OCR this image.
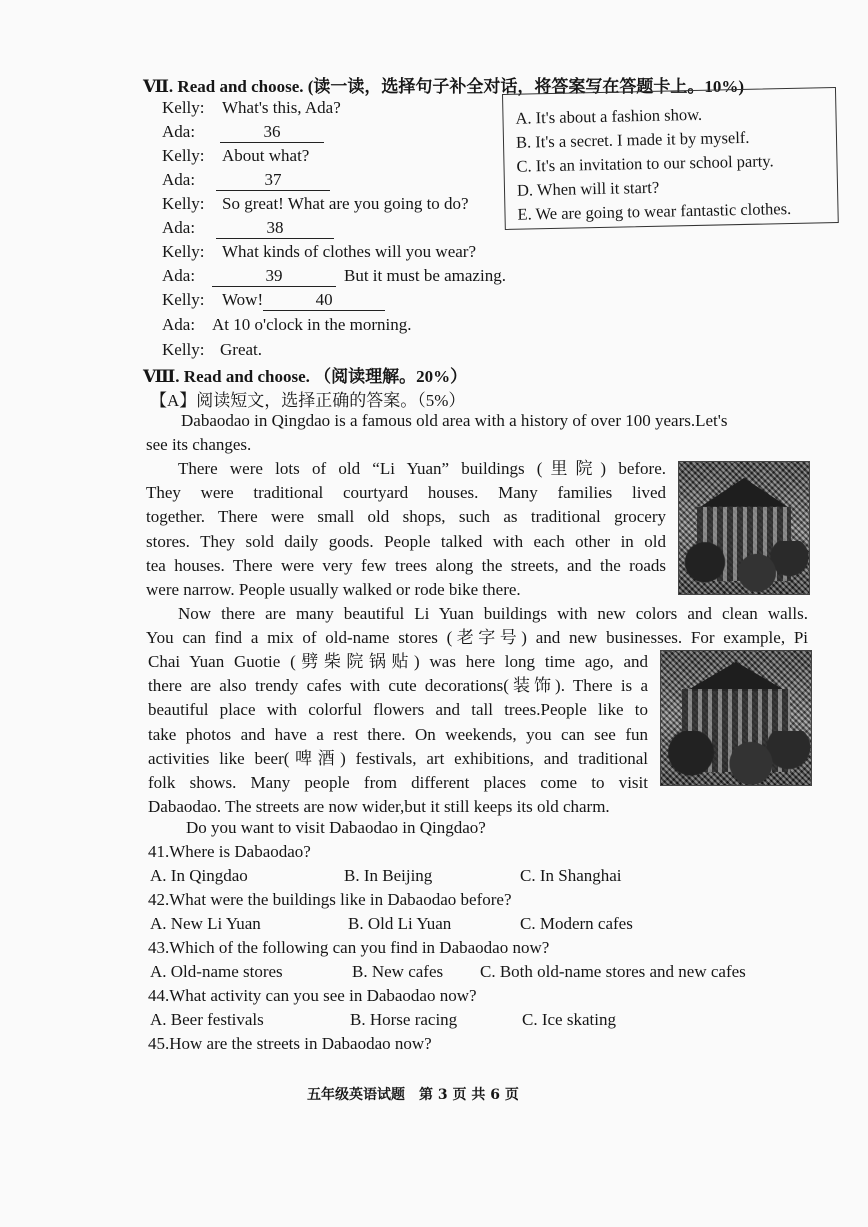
Ⅶ. Read and choose. (读一读，选择句子补全对话，将答案写在答题卡上。10%)
Kelly: What's this, Ada?
Ada:	36
Kelly: About what?
Ada:	37
Kelly: So great! What are you going to do?
Ada:	38
Kelly: What kinds of clothes will you wear?
Ada:	39	But it must be amazing.
Kelly: Wow!	40
Ada: At 10 o'clock in the morning.
Kelly: Great.
A. It's about a fashion show.
B. It's a secret. I made it by myself.
C. It's an invitation to our school party.
D. When will it start?
E. We are going to wear fantastic clothes.
Ⅷ. Read and choose. （阅读理解。20%）
【A】阅读短文，选择正确的答案。（5%）

Dabaodao in Qingdao is a famous old area with a history of over 100 years.Let's

see its changes.

There were lots of old “Li Yuan” buildings (里院) before.

They were traditional courtyard houses. Many families lived

together. There were small old shops, such as traditional grocery

stores. They sold daily goods. People talked with each other in old

tea houses. There were very few trees along the streets, and the roads

were narrow. People usually walked or rode bike there.

Now there are many beautiful Li Yuan buildings with new colors and clean walls.

You can find a mix of old-name stores (老字号) and new businesses. For example, Pi

Chai Yuan Guotie (劈柴院锅贴) was here long time ago, and

there are also trendy cafes with cute decorations(装饰). There is a

beautiful place with colorful flowers and tall trees.People like to

take photos and have a rest there. On weekends, you can see fun

activities like beer(啤酒) festivals, art exhibitions, and traditional

folk shows. Many people from different places come to visit

Dabaodao. The streets are now wider,but it still keeps its old charm.

Do you want to visit Dabaodao in Qingdao?
41.Where is Dabaodao?
A. In Qingdao	B. In Beijing	C. In Shanghai
42.What were the buildings like in Dabaodao before?
A. New Li Yuan	B. Old Li Yuan	C. Modern cafes
43.Which of the following can you find in Dabaodao now?
A. Old-name stores	B. New cafes C. Both old-name stores and new cafes
44.What activity can you see in Dabaodao now?
A. Beer festivals	B. Horse racing	C. Ice skating
45.How are the streets in Dabaodao now?
五年级英语试题　第 3 页 共 6 页
